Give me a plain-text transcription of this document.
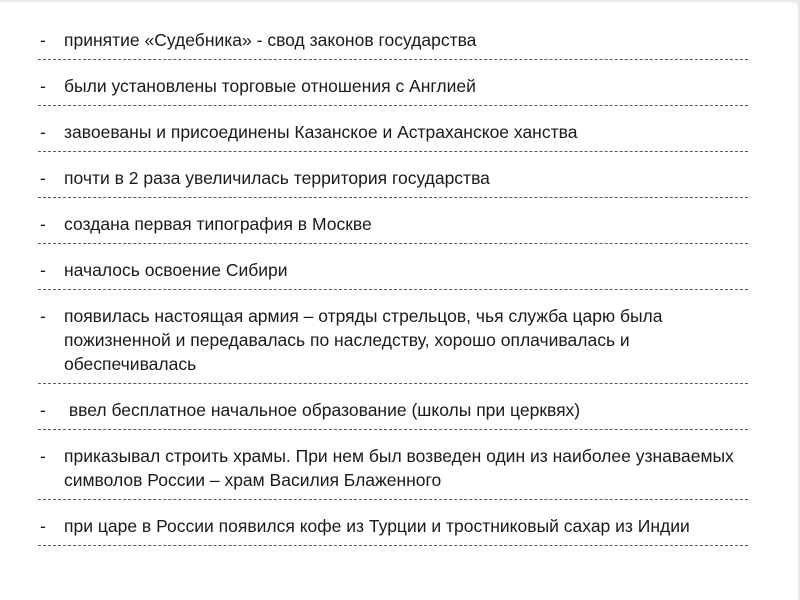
-	принятие «Судебника» - свод законов государства
-	были установлены торговые отношения с Англией
-	завоеваны и присоединены Казанское и Астраханское ханства
-	почти в 2 раза увеличилась территория государства
-	создана первая типография в Москве
-	началось освоение Сибири
-	появилась настоящая армия – отряды стрельцов, чья служба царю была пожизненной и передавалась по наследству, хорошо оплачивалась и обеспечивалась
-	ввел бесплатное начальное образование (школы при церквях)
-	приказывал строить храмы. При нем был возведен один из наиболее узнаваемых символов России – храм Василия Блаженного
-	при царе в России появился кофе из Турции и тростниковый сахар из Индии
